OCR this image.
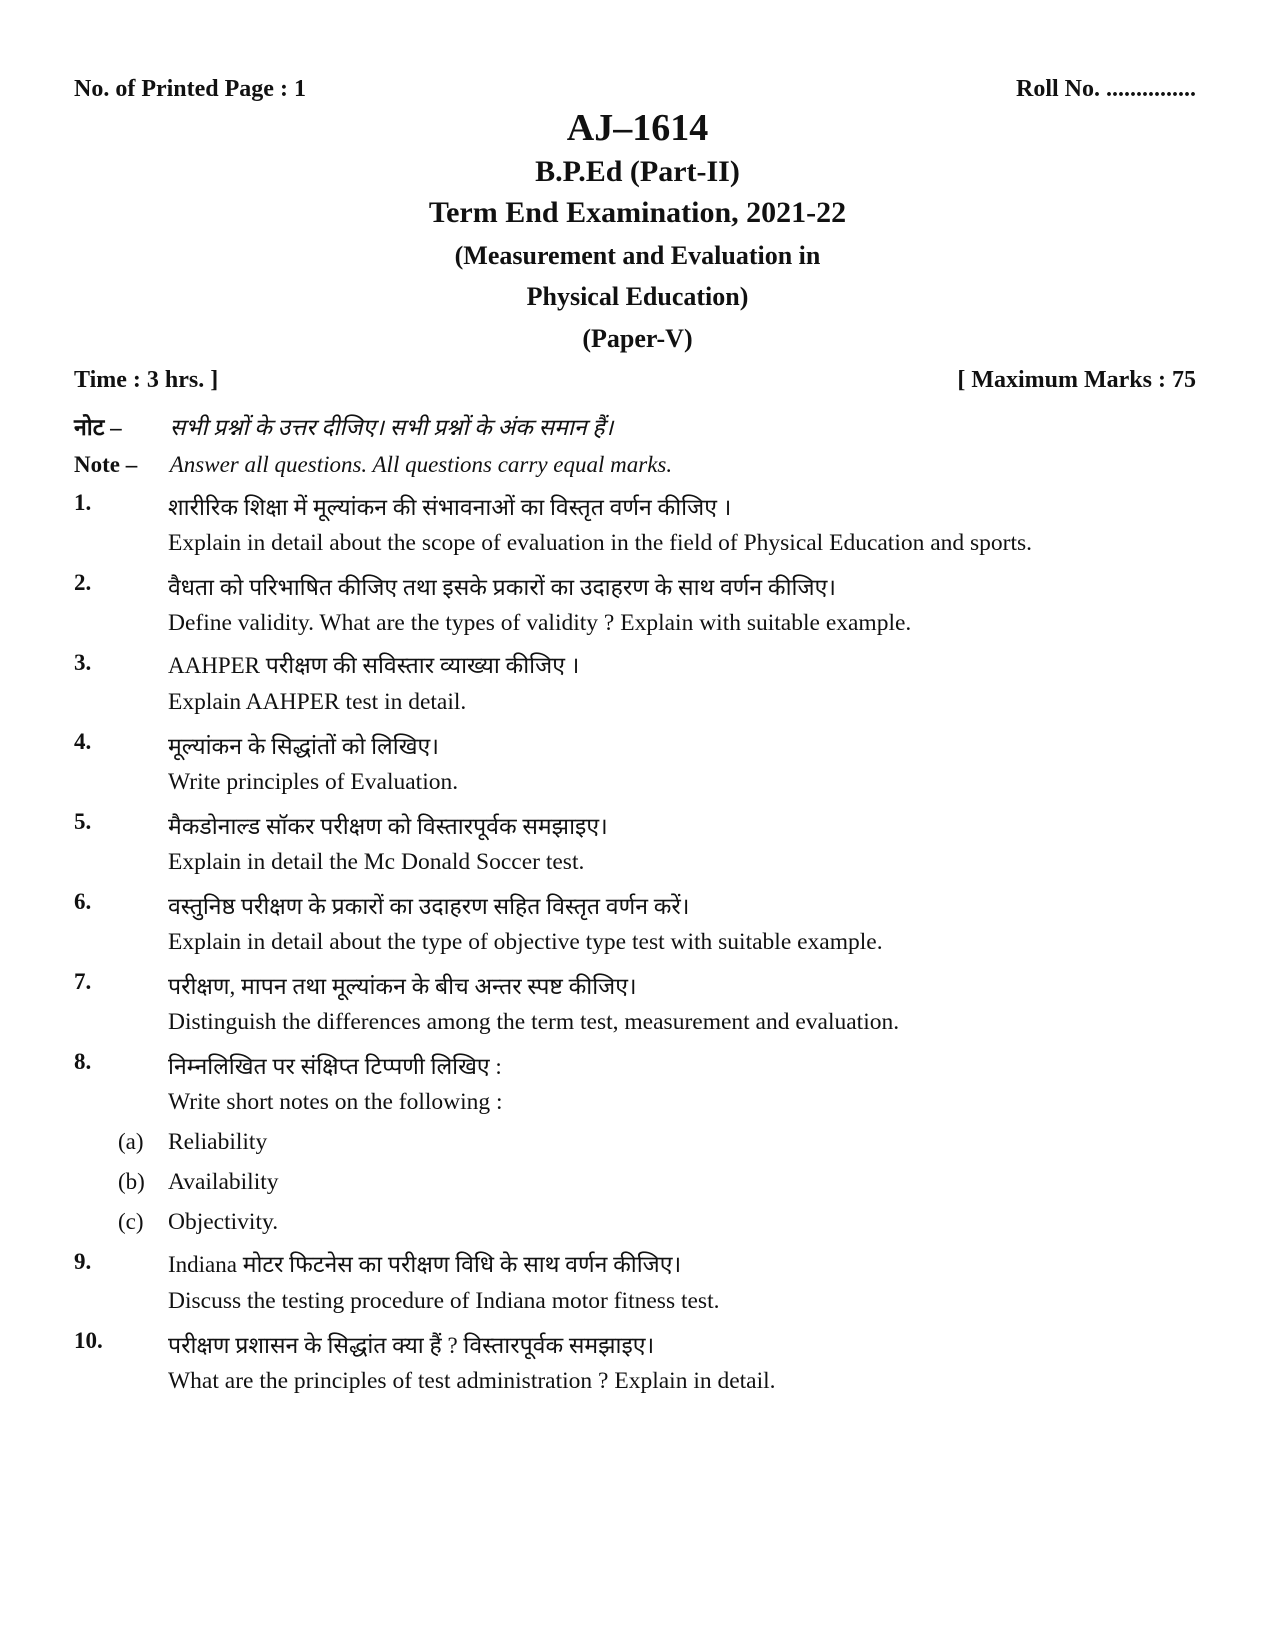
No. of Printed Page : 1	Roll No. ...............
AJ–1614
B.P.Ed (Part-II)
Term End Examination, 2021-22
(Measurement and Evaluation in
Physical Education)
(Paper-V)
Time : 3 hrs. ]	[ Maximum Marks : 75
नोट – सभी प्रश्नों के उत्तर दीजिए। सभी प्रश्नों के अंक समान हैं।
Note – Answer all questions. All questions carry equal marks.
1.	शारीरिक शिक्षा में मूल्यांकन की संभावनाओं का विस्तृत वर्णन कीजिए ।
Explain in detail about the scope of evaluation in the field of Physical Education and sports.
2.	वैधता को परिभाषित कीजिए तथा इसके प्रकारों का उदाहरण के साथ वर्णन कीजिए।
Define validity. What are the types of validity ? Explain with suitable example.
3.	AAHPER परीक्षण की सविस्तार व्याख्या कीजिए ।
Explain AAHPER test in detail.
4.	मूल्यांकन के सिद्धांतों को लिखिए।
Write principles of Evaluation.
5.	मैकडोनाल्ड सॉकर परीक्षण को विस्तारपूर्वक समझाइए।
Explain in detail the Mc Donald Soccer test.
6.	वस्तुनिष्ठ परीक्षण के प्रकारों का उदाहरण सहित विस्तृत वर्णन करें।
Explain in detail about the type of objective type test with suitable example.
7.	परीक्षण, मापन तथा मूल्यांकन के बीच अन्तर स्पष्ट कीजिए।
Distinguish the differences among the term test, measurement and evaluation.
8.	निम्नलिखित पर संक्षिप्त टिप्पणी लिखिए :
Write short notes on the following :
(a) Reliability
(b) Availability
(c) Objectivity.
9.	Indiana मोटर फिटनेस का परीक्षण विधि के साथ वर्णन कीजिए।
Discuss the testing procedure of Indiana motor fitness test.
10.	परीक्षण प्रशासन के सिद्धांत क्या हैं ? विस्तारपूर्वक समझाइए।
What are the principles of test administration ? Explain in detail.
